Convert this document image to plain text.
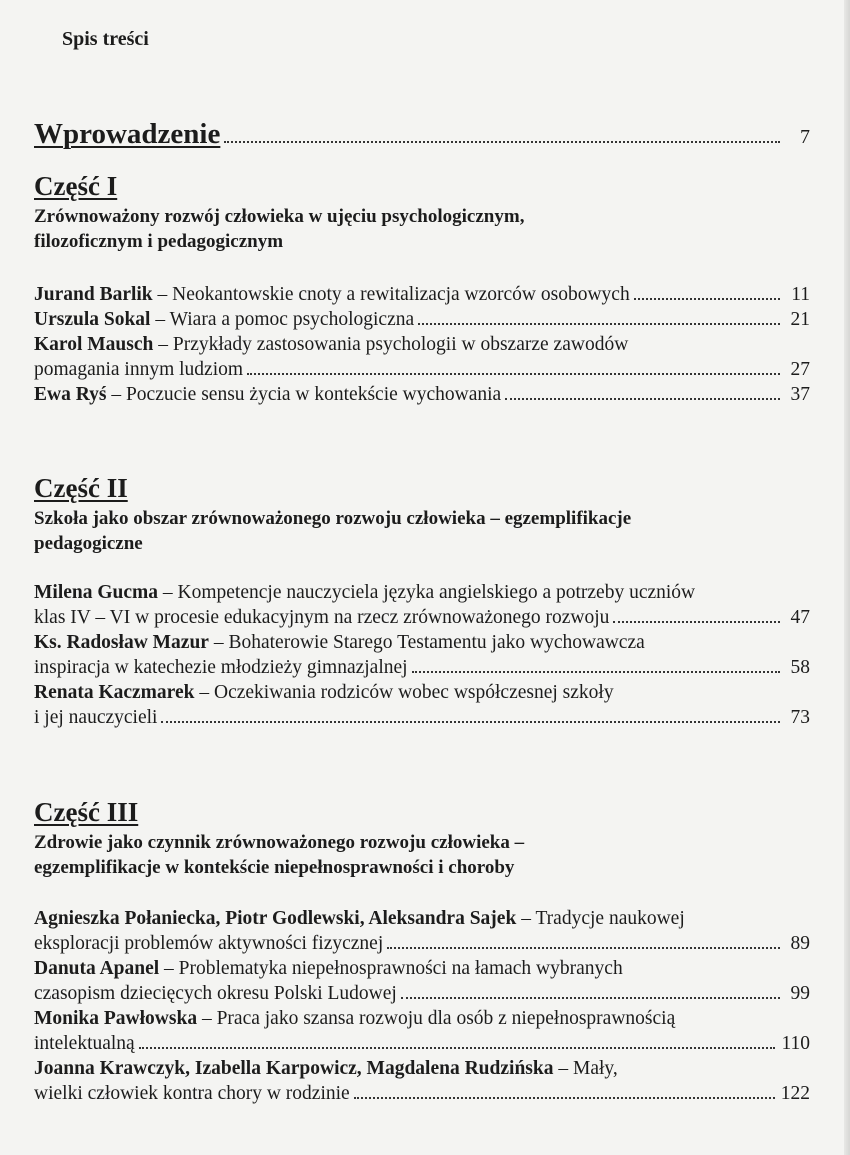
Spis treści
Wprowadzenie	7
Część I
Zrównoważony rozwój człowieka w ujęciu psychologicznym,
filozoficznym i pedagogicznym
Jurand Barlik – Neokantowskie cnoty a rewitalizacja wzorców osobowych	11
Urszula Sokal – Wiara a pomoc psychologiczna	21
Karol Mausch – Przykłady zastosowania psychologii w obszarze zawodów
pomagania innym ludziom	27
Ewa Ryś – Poczucie sensu życia w kontekście wychowania	37
Część II
Szkoła jako obszar zrównoważonego rozwoju człowieka – egzemplifikacje
pedagogiczne
Milena Gucma – Kompetencje nauczyciela języka angielskiego a potrzeby uczniów
klas IV – VI w procesie edukacyjnym na rzecz zrównoważonego rozwoju	47
Ks. Radosław Mazur – Bohaterowie Starego Testamentu jako wychowawcza
inspiracja w katechezie młodzieży gimnazjalnej	58
Renata Kaczmarek – Oczekiwania rodziców wobec współczesnej szkoły
i jej nauczycieli	73
Część III
Zdrowie jako czynnik zrównoważonego rozwoju człowieka –
egzemplifikacje w kontekście niepełnosprawności i choroby
Agnieszka Połaniecka, Piotr Godlewski, Aleksandra Sajek – Tradycje naukowej
eksploracji problemów aktywności fizycznej	89
Danuta Apanel – Problematyka niepełnosprawności na łamach wybranych
czasopism dziecięcych okresu Polski Ludowej	99
Monika Pawłowska – Praca jako szansa rozwoju dla osób z niepełnosprawnością
intelektualną	110
Joanna Krawczyk, Izabella Karpowicz, Magdalena Rudzińska – Mały,
wielki człowiek kontra chory w rodzinie	122
